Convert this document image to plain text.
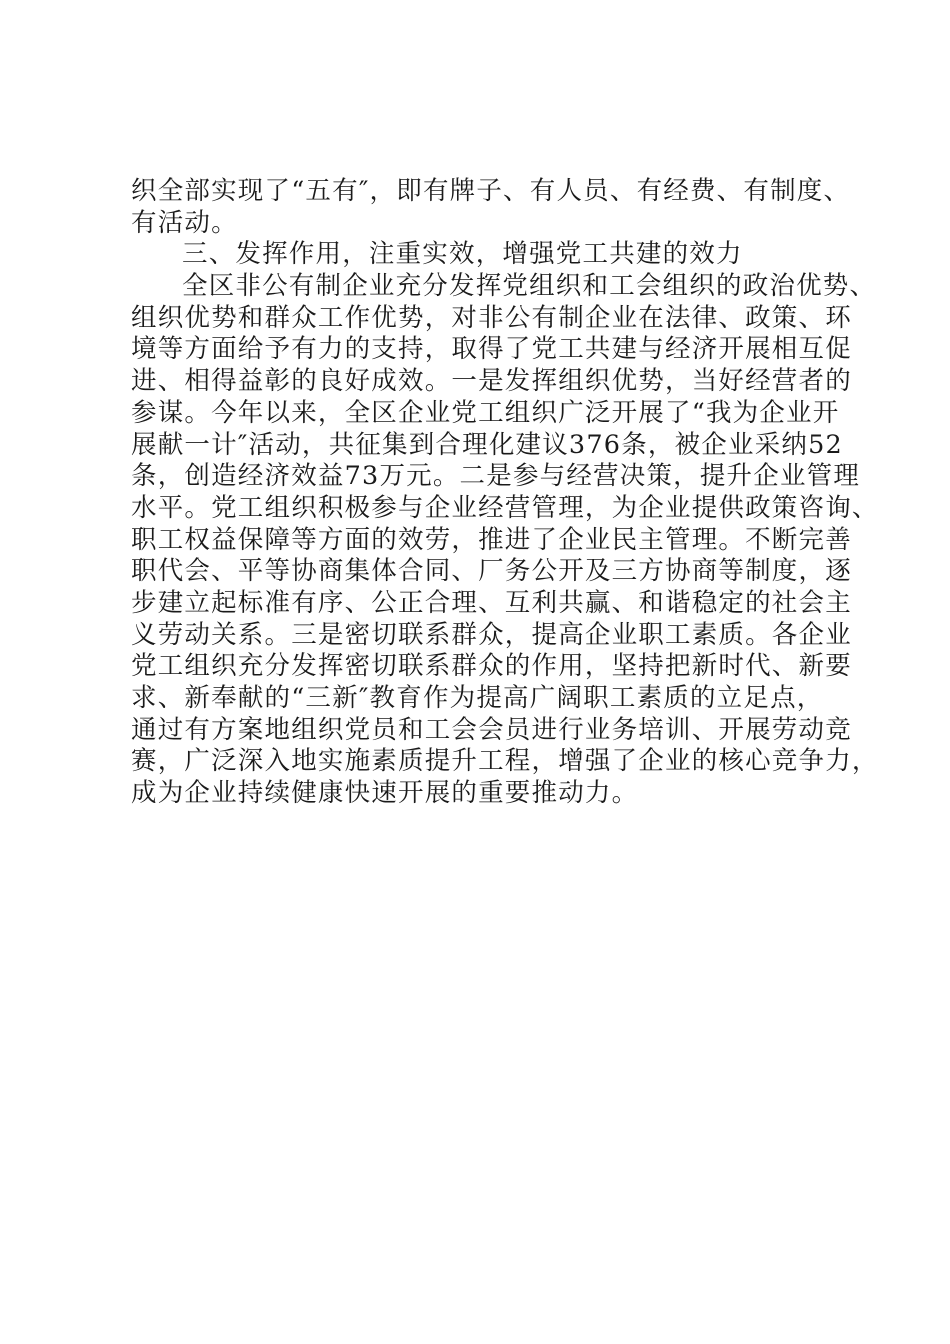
织全部实现了“五有″，即有牌子、有人员、有经费、有制度、
有活动。
三、发挥作用，注重实效，增强党工共建的效力
全区非公有制企业充分发挥党组织和工会组织的政治优势、
组织优势和群众工作优势，对非公有制企业在法律、政策、环
境等方面给予有力的支持，取得了党工共建与经济开展相互促
进、相得益彰的良好成效。一是发挥组织优势，当好经营者的
参谋。今年以来，全区企业党工组织广泛开展了“我为企业开
展献一计″活动，共征集到合理化建议376条，被企业采纳52
条，创造经济效益73万元。二是参与经营决策，提升企业管理
水平。党工组织积极参与企业经营管理，为企业提供政策咨询、
职工权益保障等方面的效劳，推进了企业民主管理。不断完善
职代会、平等协商集体合同、厂务公开及三方协商等制度，逐
步建立起标准有序、公正合理、互利共赢、和谐稳定的社会主
义劳动关系。三是密切联系群众，提高企业职工素质。各企业
党工组织充分发挥密切联系群众的作用，坚持把新时代、新要
求、新奉献的“三新″教育作为提高广阔职工素质的立足点，
通过有方案地组织党员和工会会员进行业务培训、开展劳动竞
赛，广泛深入地实施素质提升工程，增强了企业的核心竞争力，
成为企业持续健康快速开展的重要推动力。
